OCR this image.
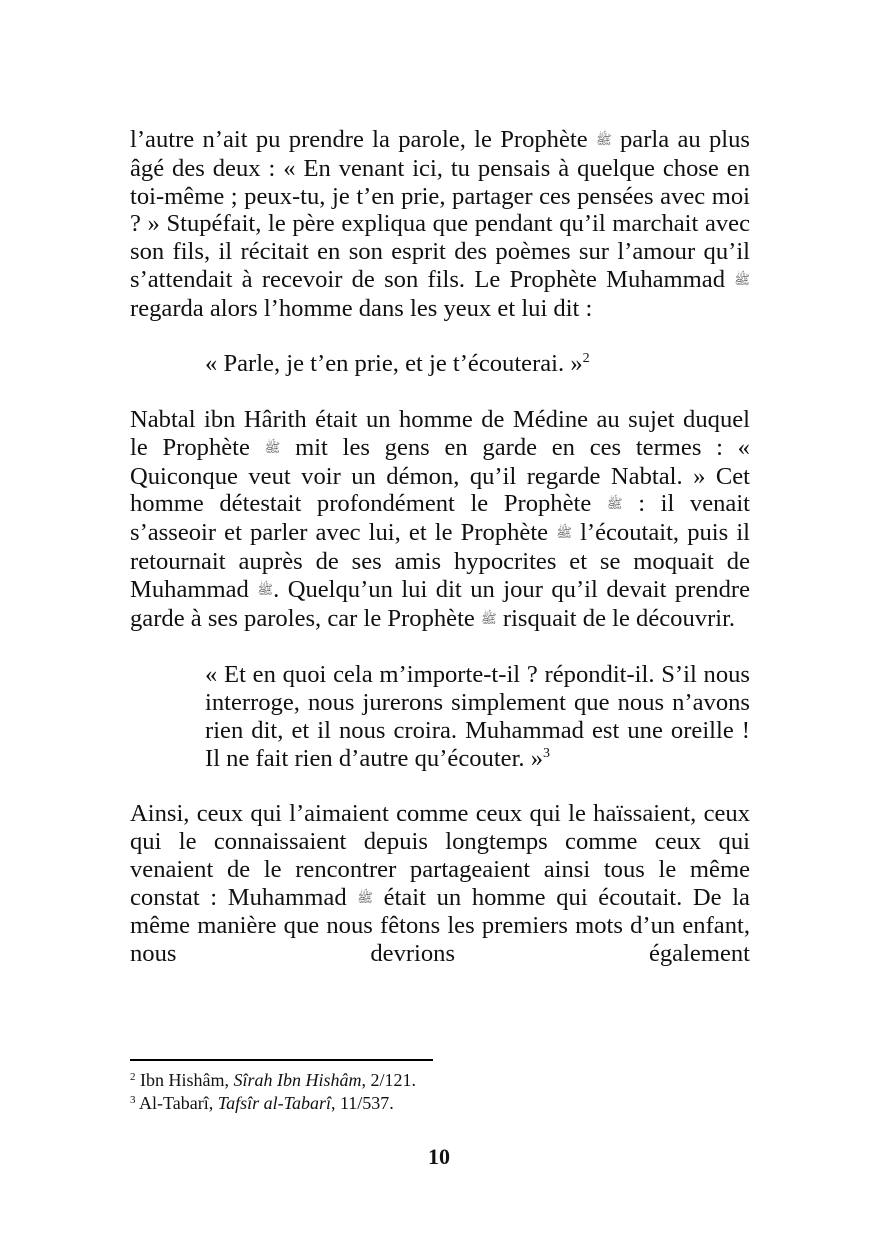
l’autre n’ait pu prendre la parole, le Prophète ﷺ parla au plus âgé des deux : « En venant ici, tu pensais à quelque chose en toi-même ; peux-tu, je t’en prie, partager ces pensées avec moi ? » Stupéfait, le père expliqua que pendant qu’il marchait avec son fils, il récitait en son esprit des poèmes sur l’amour qu’il s’attendait à recevoir de son fils. Le Prophète Muhammad ﷺ regarda alors l’homme dans les yeux et lui dit :

« Parle, je t’en prie, et je t’écouterai. »$^2$

Nabtal ibn Hârith était un homme de Médine au sujet duquel le Prophète ﷺ mit les gens en garde en ces termes : « Quiconque veut voir un démon, qu’il regarde Nabtal. » Cet homme détestait profondément le Prophète ﷺ : il venait s’asseoir et parler avec lui, et le Prophète ﷺ l’écoutait, puis il retournait auprès de ses amis hypocrites et se moquait de Muhammad ﷺ. Quelqu’un lui dit un jour qu’il devait prendre garde à ses paroles, car le Prophète ﷺ risquait de le découvrir.

« Et en quoi cela m’importe-t-il ? répondit-il. S’il nous interroge, nous jurerons simplement que nous n’avons rien dit, et il nous croira. Muhammad est une oreille ! Il ne fait rien d’autre qu’écouter. »$^3$

Ainsi, ceux qui l’aimaient comme ceux qui le haïssaient, ceux qui le connaissaient depuis longtemps comme ceux qui venaient de le rencontrer partageaient ainsi tous le même constat : Muhammad ﷺ était un homme qui écoutait. De la même manière que nous fêtons les premiers mots d’un enfant, nous devrions également

$^2$ Ibn Hishâm, Sîrah Ibn Hishâm, 2/121.
$^3$ Al-Tabarî, Tafsîr al-Tabarî, 11/537.
10
